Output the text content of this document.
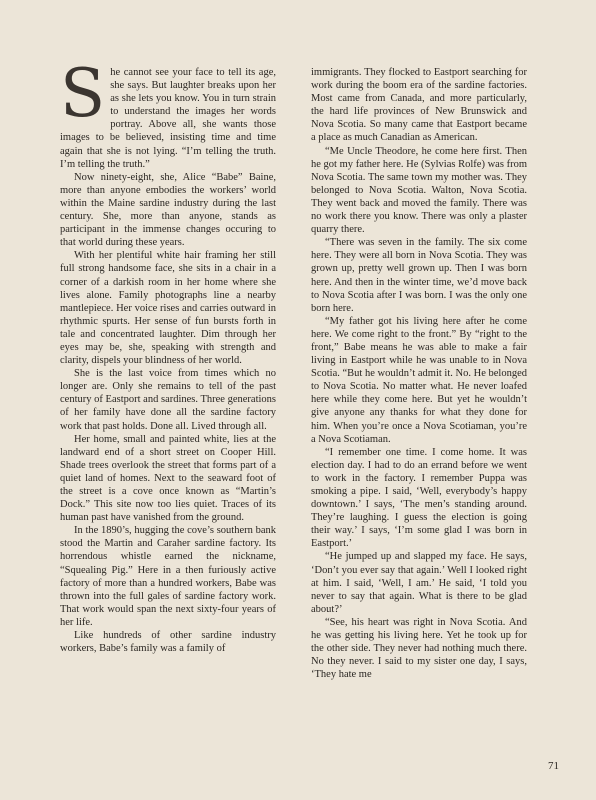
She cannot see your face to tell its age, she says. But laughter breaks upon her as she lets you know. You in turn strain to understand the images her words portray. Above all, she wants those images to be believed, insisting time and time again that she is not lying. “I’m telling the truth. I’m telling the truth.”

Now ninety-eight, she, Alice “Babe” Baine, more than anyone embodies the workers’ world within the Maine sardine industry during the last century. She, more than anyone, stands as participant in the immense changes occuring to that world during these years.

With her plentiful white hair framing her still full strong handsome face, she sits in a chair in a corner of a darkish room in her home where she lives alone. Family photographs line a nearby mantlepiece. Her voice rises and carries outward in rhythmic spurts. Her sense of fun bursts forth in tale and concentrated laughter. Dim through her eyes may be, she, speaking with strength and clarity, dispels your blindness of her world.

She is the last voice from times which no longer are. Only she remains to tell of the past century of Eastport and sardines. Three generations of her family have done all the sardine factory work that past holds. Done all. Lived through all.

Her home, small and painted white, lies at the landward end of a short street on Cooper Hill. Shade trees overlook the street that forms part of a quiet land of homes. Next to the seaward foot of the street is a cove once known as “Martin’s Dock.” This site now too lies quiet. Traces of its human past have vanished from the ground.

In the 1890’s, hugging the cove’s southern bank stood the Martin and Caraher sardine factory. Its horrendous whistle earned the nickname, “Squealing Pig.” Here in a then furiously active factory of more than a hundred workers, Babe was thrown into the full gales of sardine factory work. That work would span the next sixty-four years of her life.

Like hundreds of other sardine industry workers, Babe’s family was a family of

immigrants. They flocked to Eastport searching for work during the boom era of the sardine factories. Most came from Canada, and more particularly, the hard life provinces of New Brunswick and Nova Scotia. So many came that Eastport became a place as much Canadian as American.

“Me Uncle Theodore, he come here first. Then he got my father here. He (Sylvias Rolfe) was from Nova Scotia. The same town my mother was. They belonged to Nova Scotia. Walton, Nova Scotia. They went back and moved the family. There was no work there you know. There was only a plaster quarry there.

“There was seven in the family. The six come here. They were all born in Nova Scotia. They was grown up, pretty well grown up. Then I was born here. And then in the winter time, we’d move back to Nova Scotia after I was born. I was the only one born here.

“My father got his living here after he come here. We come right to the front.” By “right to the front,” Babe means he was able to make a fair living in Eastport while he was unable to in Nova Scotia. “But he wouldn’t admit it. No. He belonged to Nova Scotia. No matter what. He never loafed here while they come here. But yet he wouldn’t give anyone any thanks for what they done for him. When you’re once a Nova Scotiaman, you’re a Nova Scotiaman.

“I remember one time. I come home. It was election day. I had to do an errand before we went to work in the factory. I remember Puppa was smoking a pipe. I said, ‘Well, everybody’s happy downtown.’ I says, ‘The men’s standing around. They’re laughing. I guess the election is going their way.’ I says, ‘I’m some glad I was born in Eastport.’

“He jumped up and slapped my face. He says, ‘Don’t you ever say that again.’ Well I looked right at him. I said, ‘Well, I am.’ He said, ‘I told you never to say that again. What is there to be glad about?’

“See, his heart was right in Nova Scotia. And he was getting his living here. Yet he took up for the other side. They never had nothing much there. No they never. I said to my sister one day, I says, ‘They hate me

71
